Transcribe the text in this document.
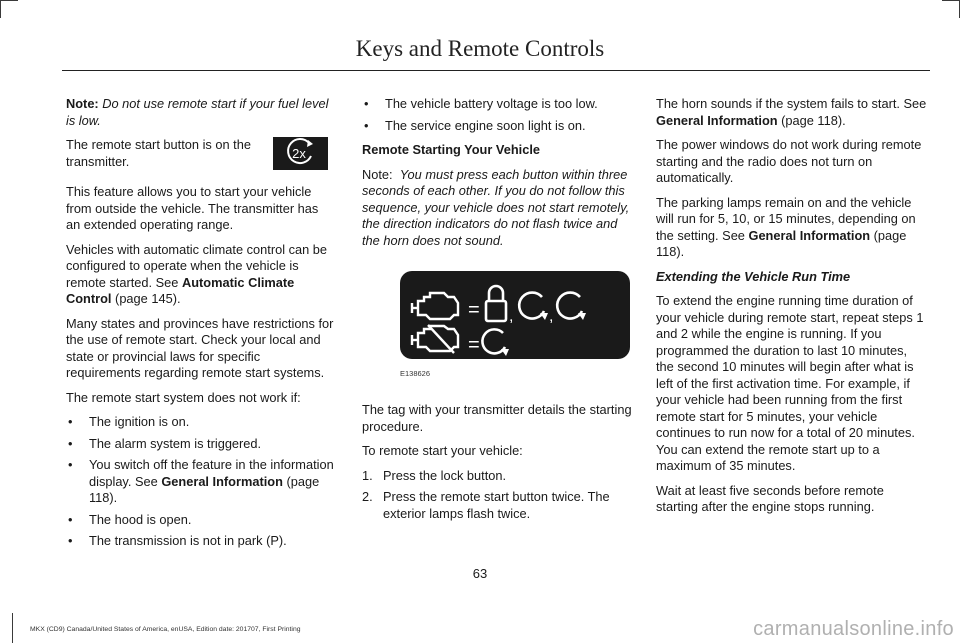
Keys and Remote Controls

Note: Do not use remote start if your fuel level is low.

2x

The remote start button is on the transmitter.

This feature allows you to start your vehicle from outside the vehicle. The transmitter has an extended operating range.

Vehicles with automatic climate control can be configured to operate when the vehicle is remote started. See Automatic Climate Control (page 145).

Many states and provinces have restrictions for the use of remote start. Check your local and state or provincial laws for specific requirements regarding remote start systems.

The remote start system does not work if:

• The ignition is on.
• The alarm system is triggered.
• You switch off the feature in the information display. See General Information (page 118).
• The hood is open.
• The transmission is not in park (P).
• The vehicle battery voltage is too low.
• The service engine soon light is on.

Remote Starting Your Vehicle

Note: You must press each button within three seconds of each other. If you do not follow this sequence, your vehicle does not start remotely, the direction indicators do not flash twice and the horn does not sound.

= , ,
=
E138626

The tag with your transmitter details the starting procedure.

To remote start your vehicle:

1. Press the lock button.
2. Press the remote start button twice. The exterior lamps flash twice.

The horn sounds if the system fails to start. See General Information (page 118).

The power windows do not work during remote starting and the radio does not turn on automatically.

The parking lamps remain on and the vehicle will run for 5, 10, or 15 minutes, depending on the setting. See General Information (page 118).

Extending the Vehicle Run Time

To extend the engine running time duration of your vehicle during remote start, repeat steps 1 and 2 while the engine is running. If you programmed the duration to last 10 minutes, the second 10 minutes will begin after what is left of the first activation time. For example, if your vehicle had been running from the first remote start for 5 minutes, your vehicle continues to run now for a total of 20 minutes. You can extend the remote start up to a maximum of 35 minutes.

Wait at least five seconds before remote starting after the engine stops running.

63
MKX (CD9) Canada/United States of America, enUSA, Edition date: 201707, First Printing	carmanualsonline.info
